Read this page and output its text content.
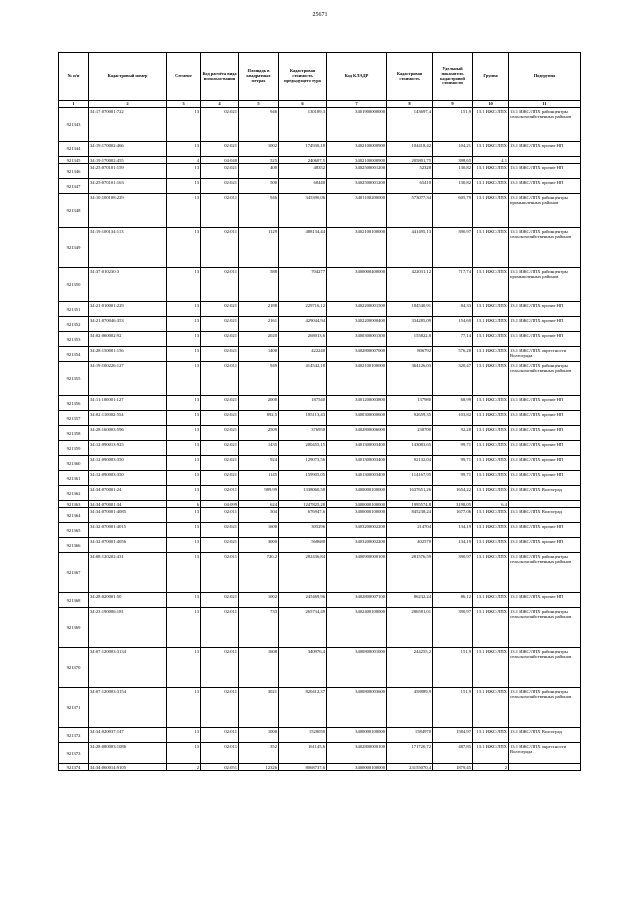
25671
№ п/п	Кадастровый номер	Сегмент	Код расчёта вида использо-вания	Площадь в квадратных метрах	Кадастровая стоимость предыдущего тура	Код КЛАДР	Кадастровая стоимость	Удельный показатель кадастровой стоимости	Группа	Подгруппа
1	2	3	4	5	6	7	8	9	10	11
921343	34:17:070001:722	13	02:021	946	130189,3	3401900000000	143697,4	151,9	13.1 ИЖС/ЛПХ	13.1 ИЖС/ЛПХ районцентры сельскохозяйственных районов
921344	34:19:170002:466	13	02:021	1002	174930,18	3402100000900	104418,42	104,21	13.1 ИЖС/ЛПХ	13.1 ИЖС/ЛПХ прочие НП
921345	34:19:170002:455	4	04:040	525	240607,5	3402100000900	205801,75	398,65	4.1	
921346	34:25:070101:159	13	02:021	400	48352	3402500001200	52328	130,82	13.1 ИЖС/ЛПХ	13.1 ИЖС/ЛПХ прочие НП
921347	34:25:070101:163	13	02:021	500	60440	3402500001200	65410	130,82	13.1 ИЖС/ЛПХ	13.1 ИЖС/ЛПХ прочие НП
921348	34:10:100108:229	13	02:011	946	345390,06	3401100200000	573077,34	605,79	13.1 ИЖС/ЛПХ	13.1 ИЖС/ЛПХ районцентры промышленных районов
921349	34:19:100134:113	13	02:011	1129	488134,44	3402100100000	441495,13	390,97	13.1 ИЖС/ЛПХ	13.1 ИЖС/ЛПХ районцентры сельскохозяйственных районов
921350	34:37:010230:3	13	02:011	588	704277	3400000400000	422031,12	717,74	13.1 ИЖС/ЛПХ	13.1 ИЖС/ЛПХ районцентры промышленных районов
921351	34:21:010001:229	13	02:021	2188	229716,12	3402200001500	184540,91	84,33	13.1 ИЖС/ЛПХ	13.1 ИЖС/ЛПХ прочие НП
921352	34:21:070046:353	13	02:021	2161	429044,94	3402200000400	334285,09	154,69	13.1 ИЖС/ЛПХ	13.1 ИЖС/ЛПХ прочие НП
921353	34:02:060002:92	13	02:021	2020	268013,6	3400300001300	155822,8	77,14	13.1 ИЖС/ЛПХ	13.1 ИЖС/ЛПХ прочие НП
921354	34:28:150001:156	13	02:021	1400	422240	3402800007000	806792	576,28	13.1 ИЖС/ЛПХ	13.1 ИЖС/ЛПХ окрестности Волгограда
921355	34:19:100226:127	13	02:011	949	414542,18	3402100100000	364126,03	320,47	13.1 ИЖС/ЛПХ	13.1 ИЖС/ЛПХ районцентры сельскохозяйственных районов
921356	34:11:100001:127	13	02:021	2000	187540	3401200003800	137980	68,99	13.1 ИЖС/ЛПХ	13.1 ИЖС/ЛПХ прочие НП
921357	34:02:110002:554	13	02:021	892,5	185113,43	3400300000600	92659,35	103,82	13.1 ИЖС/ЛПХ	13.1 ИЖС/ЛПХ прочие НП
921358	34:28:160003:596	13	02:021	2509	376950	3402800006000	230700	92,28	13.1 ИЖС/ЛПХ	13.1 ИЖС/ЛПХ прочие НП
921359	34:12:090013:925	13	02:021	1435	200455,15	3401300003400	143083,65	99,71	13.1 ИЖС/ЛПХ	13.1 ИЖС/ЛПХ прочие НП
921360	34:12:090003:350	13	02:021	924	129073,56	3401300003400	92132,04	99,71	13.1 ИЖС/ЛПХ	13.1 ИЖС/ЛПХ прочие НП
921361	34:12:090003:350	13	02:021	1145	159905,05	3401300003400	114167,95	99,71	13.1 ИЖС/ЛПХ	13.1 ИЖС/ЛПХ прочие НП
921362	34:34:070001:24	13	02:011	989,99	1338060,58	3400000100000	1637651,26	1654,22	13.1 ИЖС/ЛПХ	13.1 ИЖС/ЛПХ Волгоград
921363	34:34:070001:34	6	04:099	624	1247825,28	3400000100000	1995574,8	3198,05	6.4	
921364	34:34:070001:4085	13	02:011	504	676947,6	3400000100000	845238,24	1677,06	13.1 ИЖС/ЛПХ	13.1 ИЖС/ЛПХ Волгоград
921365	34:32:070001:4015	13	02:021	1600	305296	3403200002200	214704	134,19	13.1 ИЖС/ЛПХ	13.1 ИЖС/ЛПХ прочие НП
921366	34:32:070001:4056	13	02:021	3000	568680	3403200002200	402570	134,19	13.1 ИЖС/ЛПХ	13.1 ИЖС/ЛПХ прочие НП
921367	34:08:120202:431	13	02:011	720,2	282436,84	3400900000100	281576,59	390,97	13.1 ИЖС/ЛПХ	13.1 ИЖС/ЛПХ районцентры сельскохозяйственных районов
921368	34:28:020001:50	13	02:021	1002	245469,96	3402800007100	86232,24	86,12	13.1 ИЖС/ЛПХ	13.1 ИЖС/ЛПХ прочие НП
921369	34:23:190006:181	13	02:011	733	265734,49	3402400100000	286581,01	390,97	13.1 ИЖС/ЛПХ	13.1 ИЖС/ЛПХ районцентры сельскохозяйственных районов
921370	34:07:120003:3134	13	02:011	1608	340976,4	3400800001000	244255,2	151,9	13.1 ИЖС/ЛПХ	13.1 ИЖС/ЛПХ районцентры сельскохозяйственных районов
921371	34:07:120003:3154	13	02:011	3021	820412,37	3400800003600	458889,9	151,9	13.1 ИЖС/ЛПХ	13.1 ИЖС/ЛПХ районцентры сельскохозяйственных районов
921372	34:34:020037:147	13	02:011	1000	1520050	3400000100000	1584970	1584,97	13.1 ИЖС/ЛПХ	13.1 ИЖС/ЛПХ Волгоград
921373	34:28:080003:1086	13	02:011	352	161145,6	3402800000100	171720,72	487,85	13.1 ИЖС/ЛПХ	13.1 ИЖС/ЛПХ окрестности Волгограда
921374	34:34:060014:9105	2	02:051	12326	8068737,6	3400000100000	23155070,4	1879,45	2	
